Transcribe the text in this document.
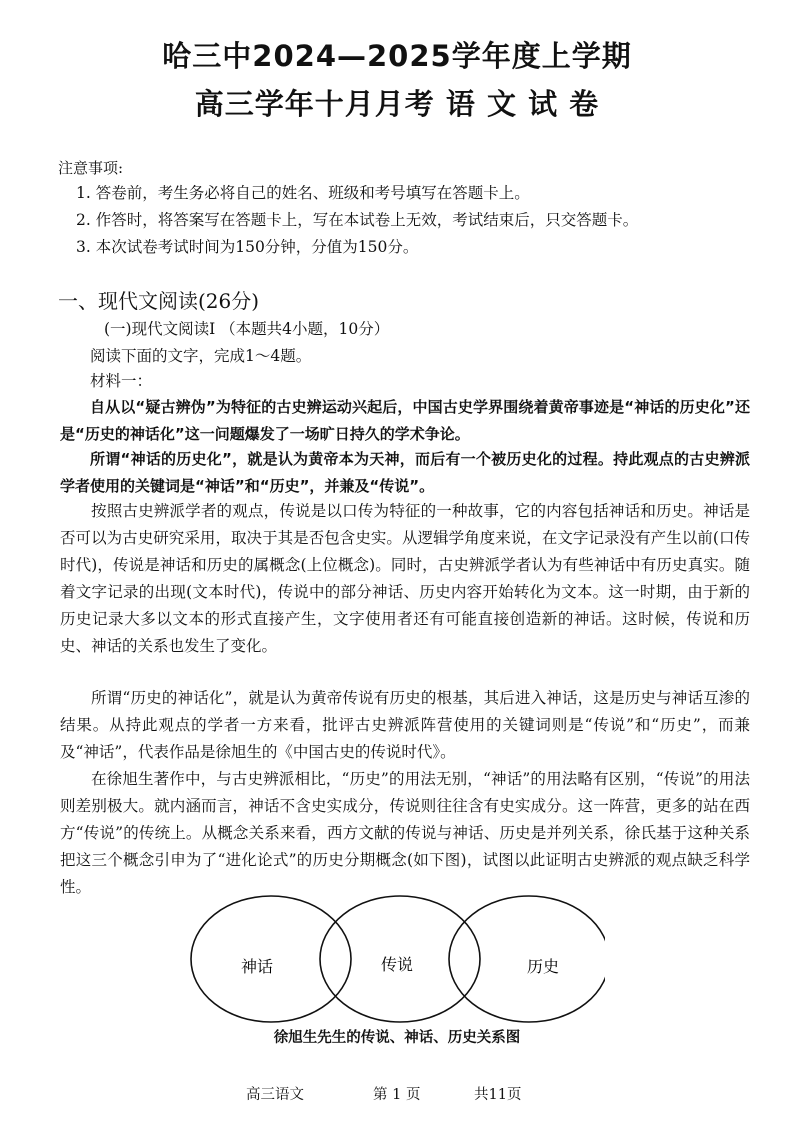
哈三中2024—2025学年度上学期
高三学年十月月考 语 文 试 卷
注意事项:
1. 答卷前，考生务必将自己的姓名、班级和考号填写在答题卡上。
2. 作答时，将答案写在答题卡上，写在本试卷上无效，考试结束后，只交答题卡。
3. 本次试卷考试时间为150分钟，分值为150分。
一、现代文阅读(26分)
(一)现代文阅读Ⅰ （本题共4小题，10分）
阅读下面的文字，完成1～4题。
材料一：

自从以“疑古辨伪”为特征的古史辨运动兴起后，中国古史学界围绕着黄帝事迹是“神话的历史化”还是“历史的神话化”这一问题爆发了一场旷日持久的学术争论。

所谓“神话的历史化”，就是认为黄帝本为天神，而后有一个被历史化的过程。持此观点的古史辨派学者使用的关键词是“神话”和“历史”，并兼及“传说”。

按照古史辨派学者的观点，传说是以口传为特征的一种故事，它的内容包括神话和历史。神话是否可以为古史研究采用，取决于其是否包含史实。从逻辑学角度来说，在文字记录没有产生以前(口传时代)，传说是神话和历史的属概念(上位概念)。同时，古史辨派学者认为有些神话中有历史真实。随着文字记录的出现(文本时代)，传说中的部分神话、历史内容开始转化为文本。这一时期，由于新的历史记录大多以文本的形式直接产生，文字使用者还有可能直接创造新的神话。这时候，传说和历史、神话的关系也发生了变化。

所谓“历史的神话化”，就是认为黄帝传说有历史的根基，其后进入神话，这是历史与神话互渗的结果。从持此观点的学者一方来看，批评古史辨派阵营使用的关键词则是“传说”和“历史”，而兼及“神话”，代表作品是徐旭生的《中国古史的传说时代》。

在徐旭生著作中，与古史辨派相比，“历史”的用法无别，“神话”的用法略有区别，“传说”的用法则差别极大。就内涵而言，神话不含史实成分，传说则往往含有史实成分。这一阵营，更多的站在西方“传说”的传统上。从概念关系来看，西方文献的传说与神话、历史是并列关系，徐氏基于这种关系把这三个概念引申为了“进化论式”的历史分期概念(如下图)，试图以此证明古史辨派的观点缺乏科学性。

神话	传说	历史
徐旭生先生的传说、神话、历史关系图
高三语文	第 1 页	共11页
